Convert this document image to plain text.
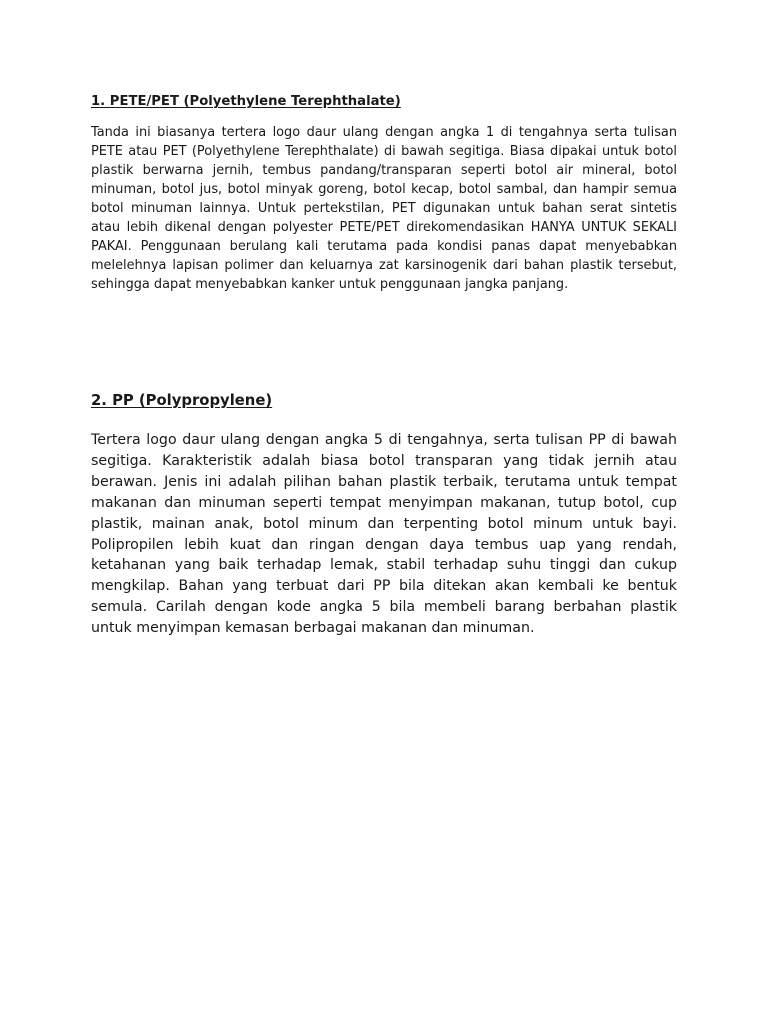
1. PETE/PET (Polyethylene Terephthalate)

Tanda ini biasanya tertera logo daur ulang dengan angka 1 di tengahnya serta tulisan PETE atau PET (Polyethylene Terephthalate) di bawah segitiga. Biasa dipakai untuk botol plastik berwarna jernih, tembus pandang/transparan seperti botol air mineral, botol minuman, botol jus, botol minyak goreng, botol kecap, botol sambal, dan hampir semua botol minuman lainnya. Untuk pertekstilan, PET digunakan untuk bahan serat sintetis atau lebih dikenal dengan polyester PETE/PET direkomendasikan HANYA UNTUK SEKALI PAKAI. Penggunaan berulang kali terutama pada kondisi panas dapat menyebabkan melelehnya lapisan polimer dan keluarnya zat karsinogenik dari bahan plastik tersebut, sehingga dapat menyebabkan kanker untuk penggunaan jangka panjang.

2. PP (Polypropylene)

Tertera logo daur ulang dengan angka 5 di tengahnya, serta tulisan PP di bawah segitiga. Karakteristik adalah biasa botol transparan yang tidak jernih atau berawan. Jenis ini adalah pilihan bahan plastik terbaik, terutama untuk tempat makanan dan minuman seperti tempat menyimpan makanan, tutup botol, cup plastik, mainan anak, botol minum dan terpenting botol minum untuk bayi. Polipropilen lebih kuat dan ringan dengan daya tembus uap yang rendah, ketahanan yang baik terhadap lemak, stabil terhadap suhu tinggi dan cukup mengkilap. Bahan yang terbuat dari PP bila ditekan akan kembali ke bentuk semula. Carilah dengan kode angka 5 bila membeli barang berbahan plastik untuk menyimpan kemasan berbagai makanan dan minuman.
